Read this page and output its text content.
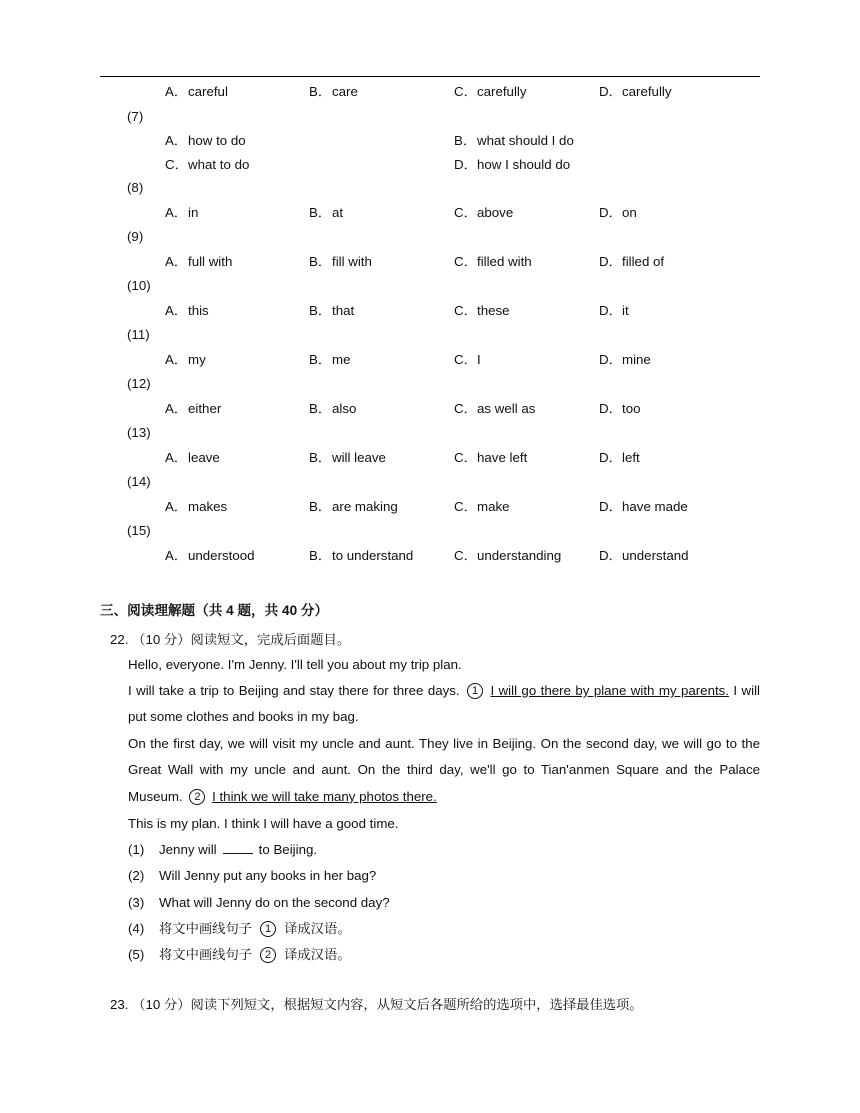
A．careful	B．care	C．carefully	D．carefully
(7)
A．how to do	B．what should I do
C．what to do	D．how I should do
(8)
A．in	B．at	C．above	D．on
(9)
A．full with	B．fill with	C．filled with	D．filled of
(10)
A．this	B．that	C．these	D．it
(11)
A．my	B．me	C．I	D．mine
(12)
A．either	B．also	C．as well as	D．too
(13)
A．leave	B．will leave	C．have left	D．left
(14)
A．makes	B．are making	C．make	D．have made
(15)
A．understood	B．to understand	C．understanding	D．understand
三、阅读理解题（共 4 题，共 40 分）
22. （10 分）阅读短文，完成后面题目。
Hello, everyone. I'm Jenny. I'll tell you about my trip plan.
I will take a trip to Beijing and stay there for three days. 1 I will go there by plane with my parents. I will put some clothes and books in my bag.
On the first day, we will visit my uncle and aunt. They live in Beijing. On the second day, we will go to the Great Wall with my uncle and aunt. On the third day, we'll go to Tian'anmen Square and the Palace Museum. 2 I think we will take many photos there.
This is my plan. I think I will have a good time.
(1) Jenny will	to Beijing.
(2) Will Jenny put any books in her bag?
(3) What will Jenny do on the second day?
(4) 将文中画线句子 1 译成汉语。
(5) 将文中画线句子 2 译成汉语。
23. （10 分）阅读下列短文，根据短文内容，从短文后各题所给的选项中，选择最佳选项。
